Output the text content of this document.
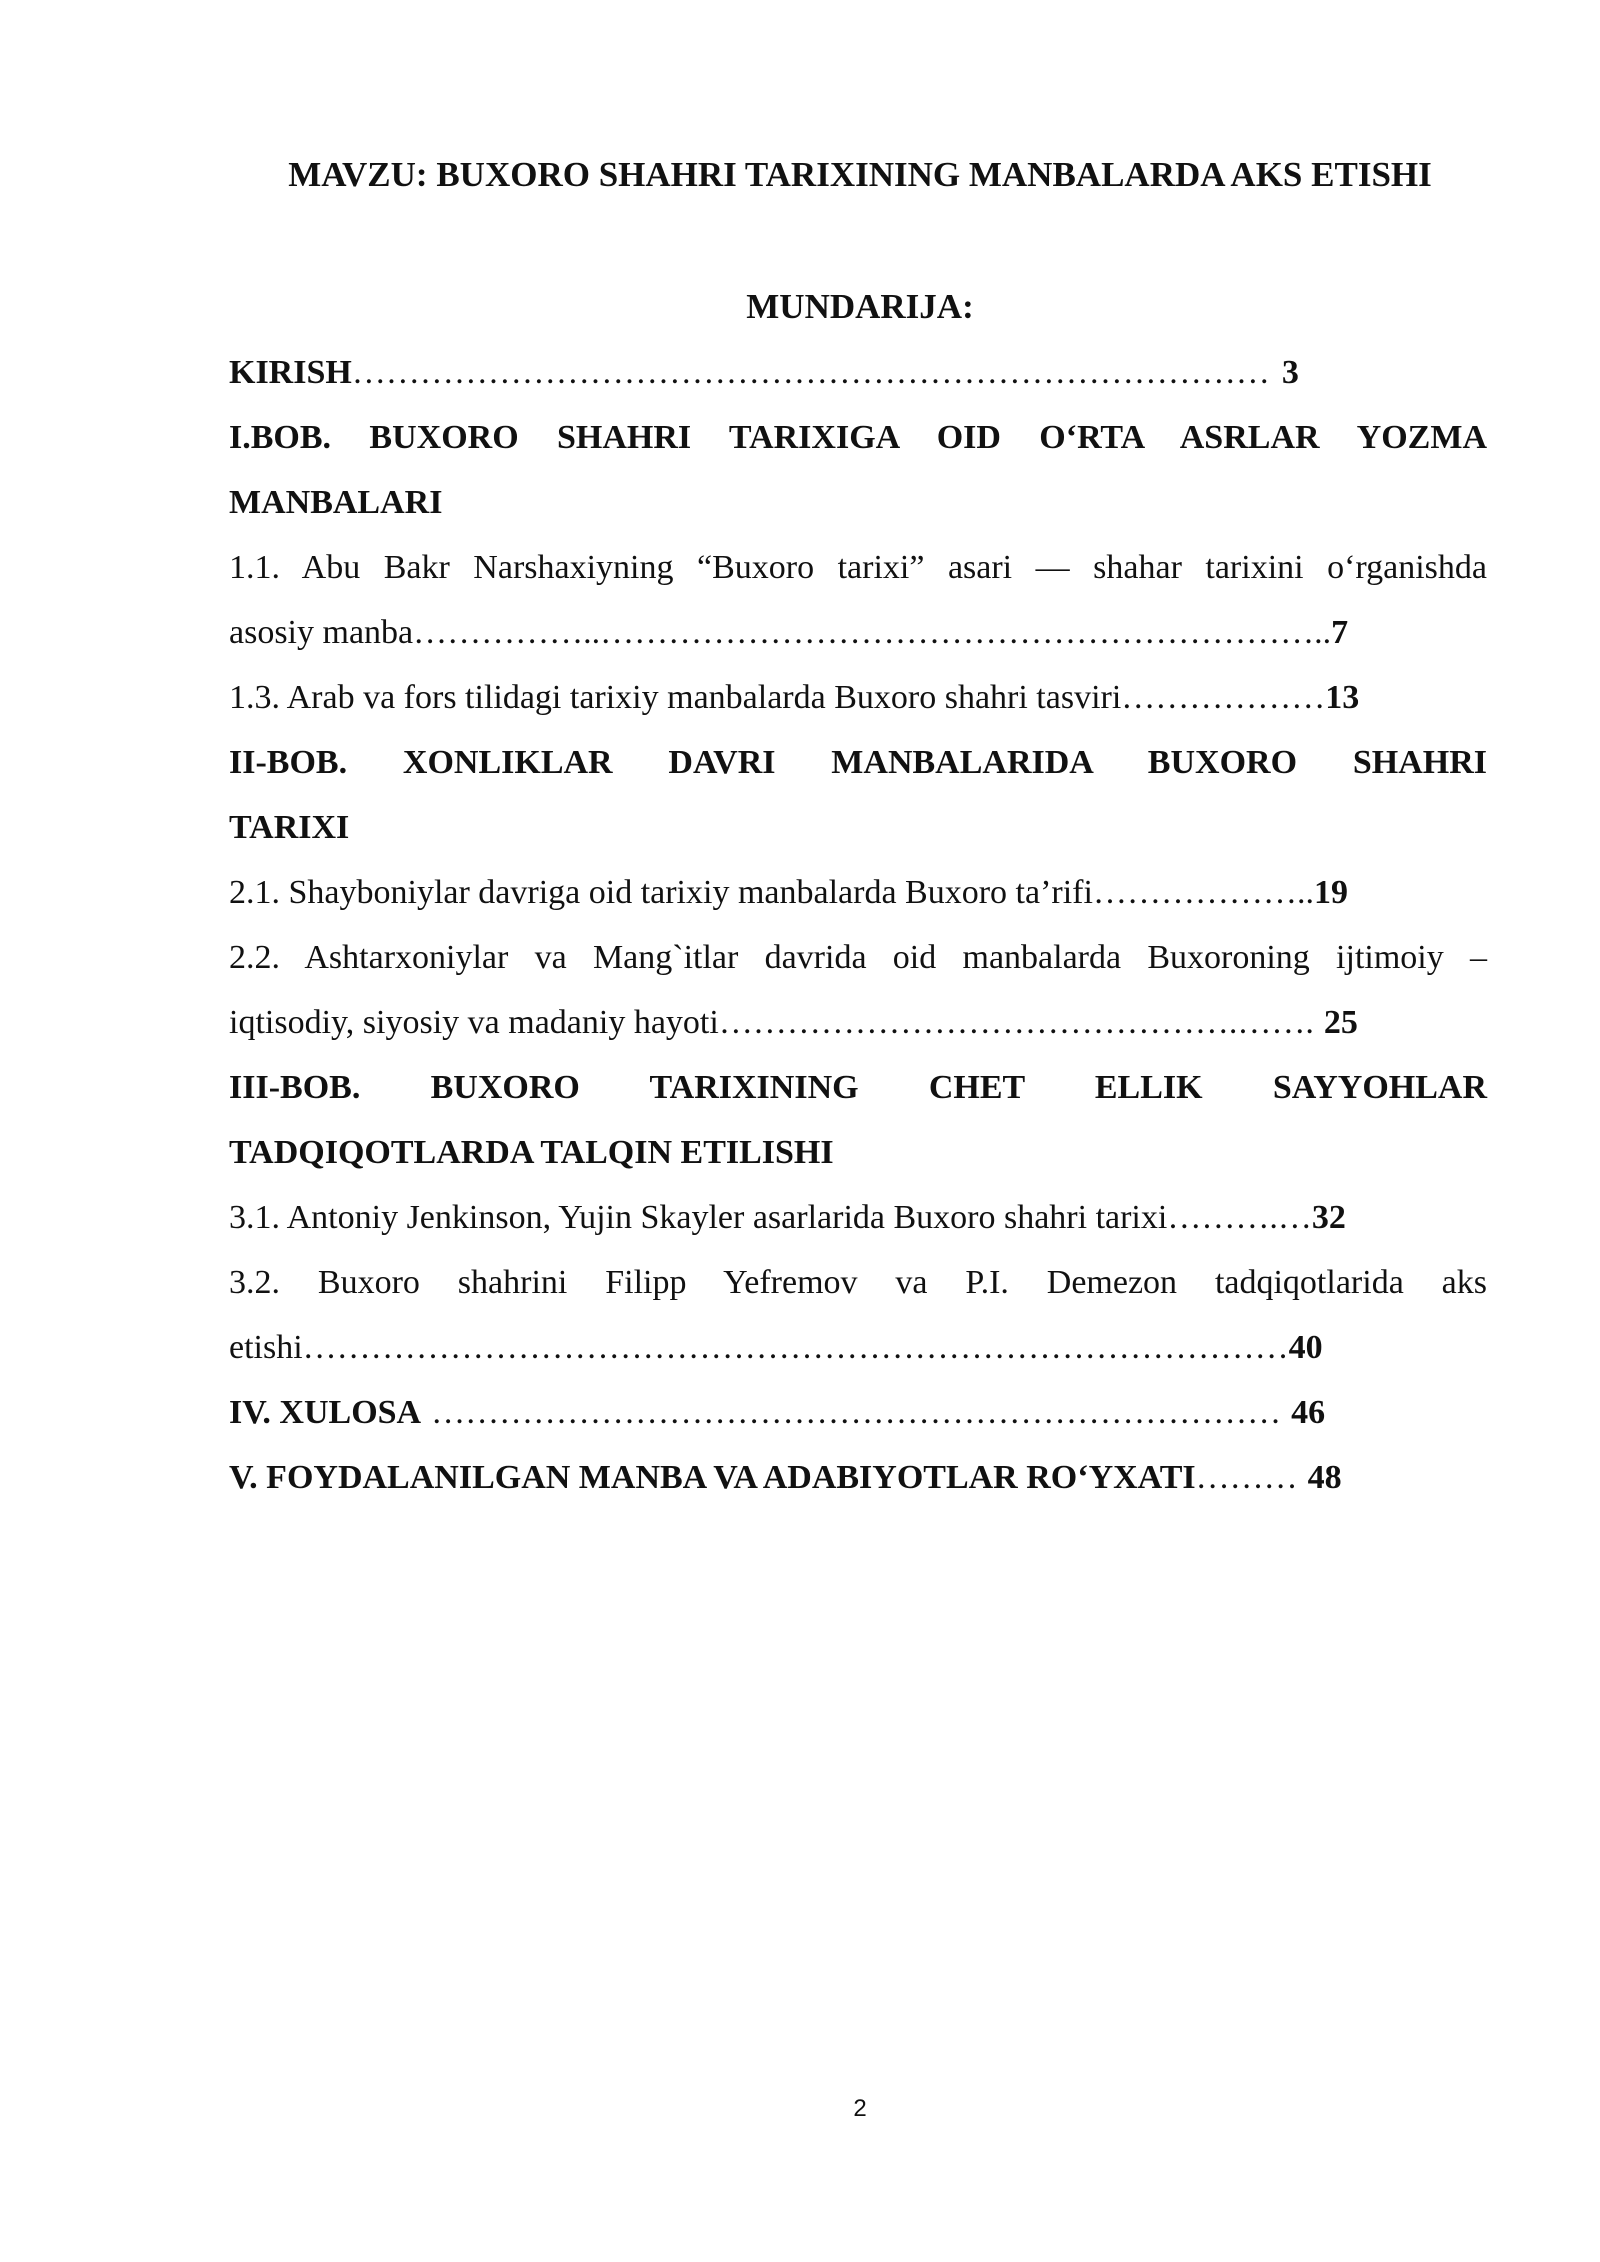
MAVZU: BUXORO SHAHRI TARIXINING MANBALARDA AKS ETISHI
MUNDARIJA:
KIRISH ……………………………………………………………………… 3
I.BOB. BUXORO SHAHRI TARIXIGA OID O‘RTA ASRLAR YOZMA
MANBALARI
1.1. Abu Bakr Narshaxiyning “Buxoro tarixi” asari — shahar tarixini o‘rganishda
asosiy manba ……………..……………………………………………………….. 7
1.3. Arab va fors tilidagi tarixiy manbalarda Buxoro shahri tasviri ……………… 13
II-BOB. XONLIKLAR DAVRI MANBALARIDA BUXORO SHAHRI
TARIXI
2.1. Shayboniylar davriga oid tarixiy manbalarda Buxoro ta’rifi ……………….. 19
2.2. Ashtarxoniylar va Mang`itlar davrida oid manbalarda Buxoroning ijtimoiy –
iqtisodiy, siyosiy va madaniy hayoti ……………………………………….……. 25
III-BOB. BUXORO TARIXINING CHET ELLIK SAYYOHLAR
TADQIQOTLARDA TALQIN ETILISHI
3.1. Antoniy Jenkinson, Yujin Skayler asarlarida Buxoro shahri tarixi ……….… 32
3.2. Buxoro shahrini Filipp Yefremov va P.I. Demezon tadqiqotlarida aks
etishi …………………………………………………………………………… 40
IV. XULOSA ………………………………………………………………… 46
V. FOYDALANILGAN MANBA VA ADABIYOTLAR RO‘YXATI ……… 48
2
